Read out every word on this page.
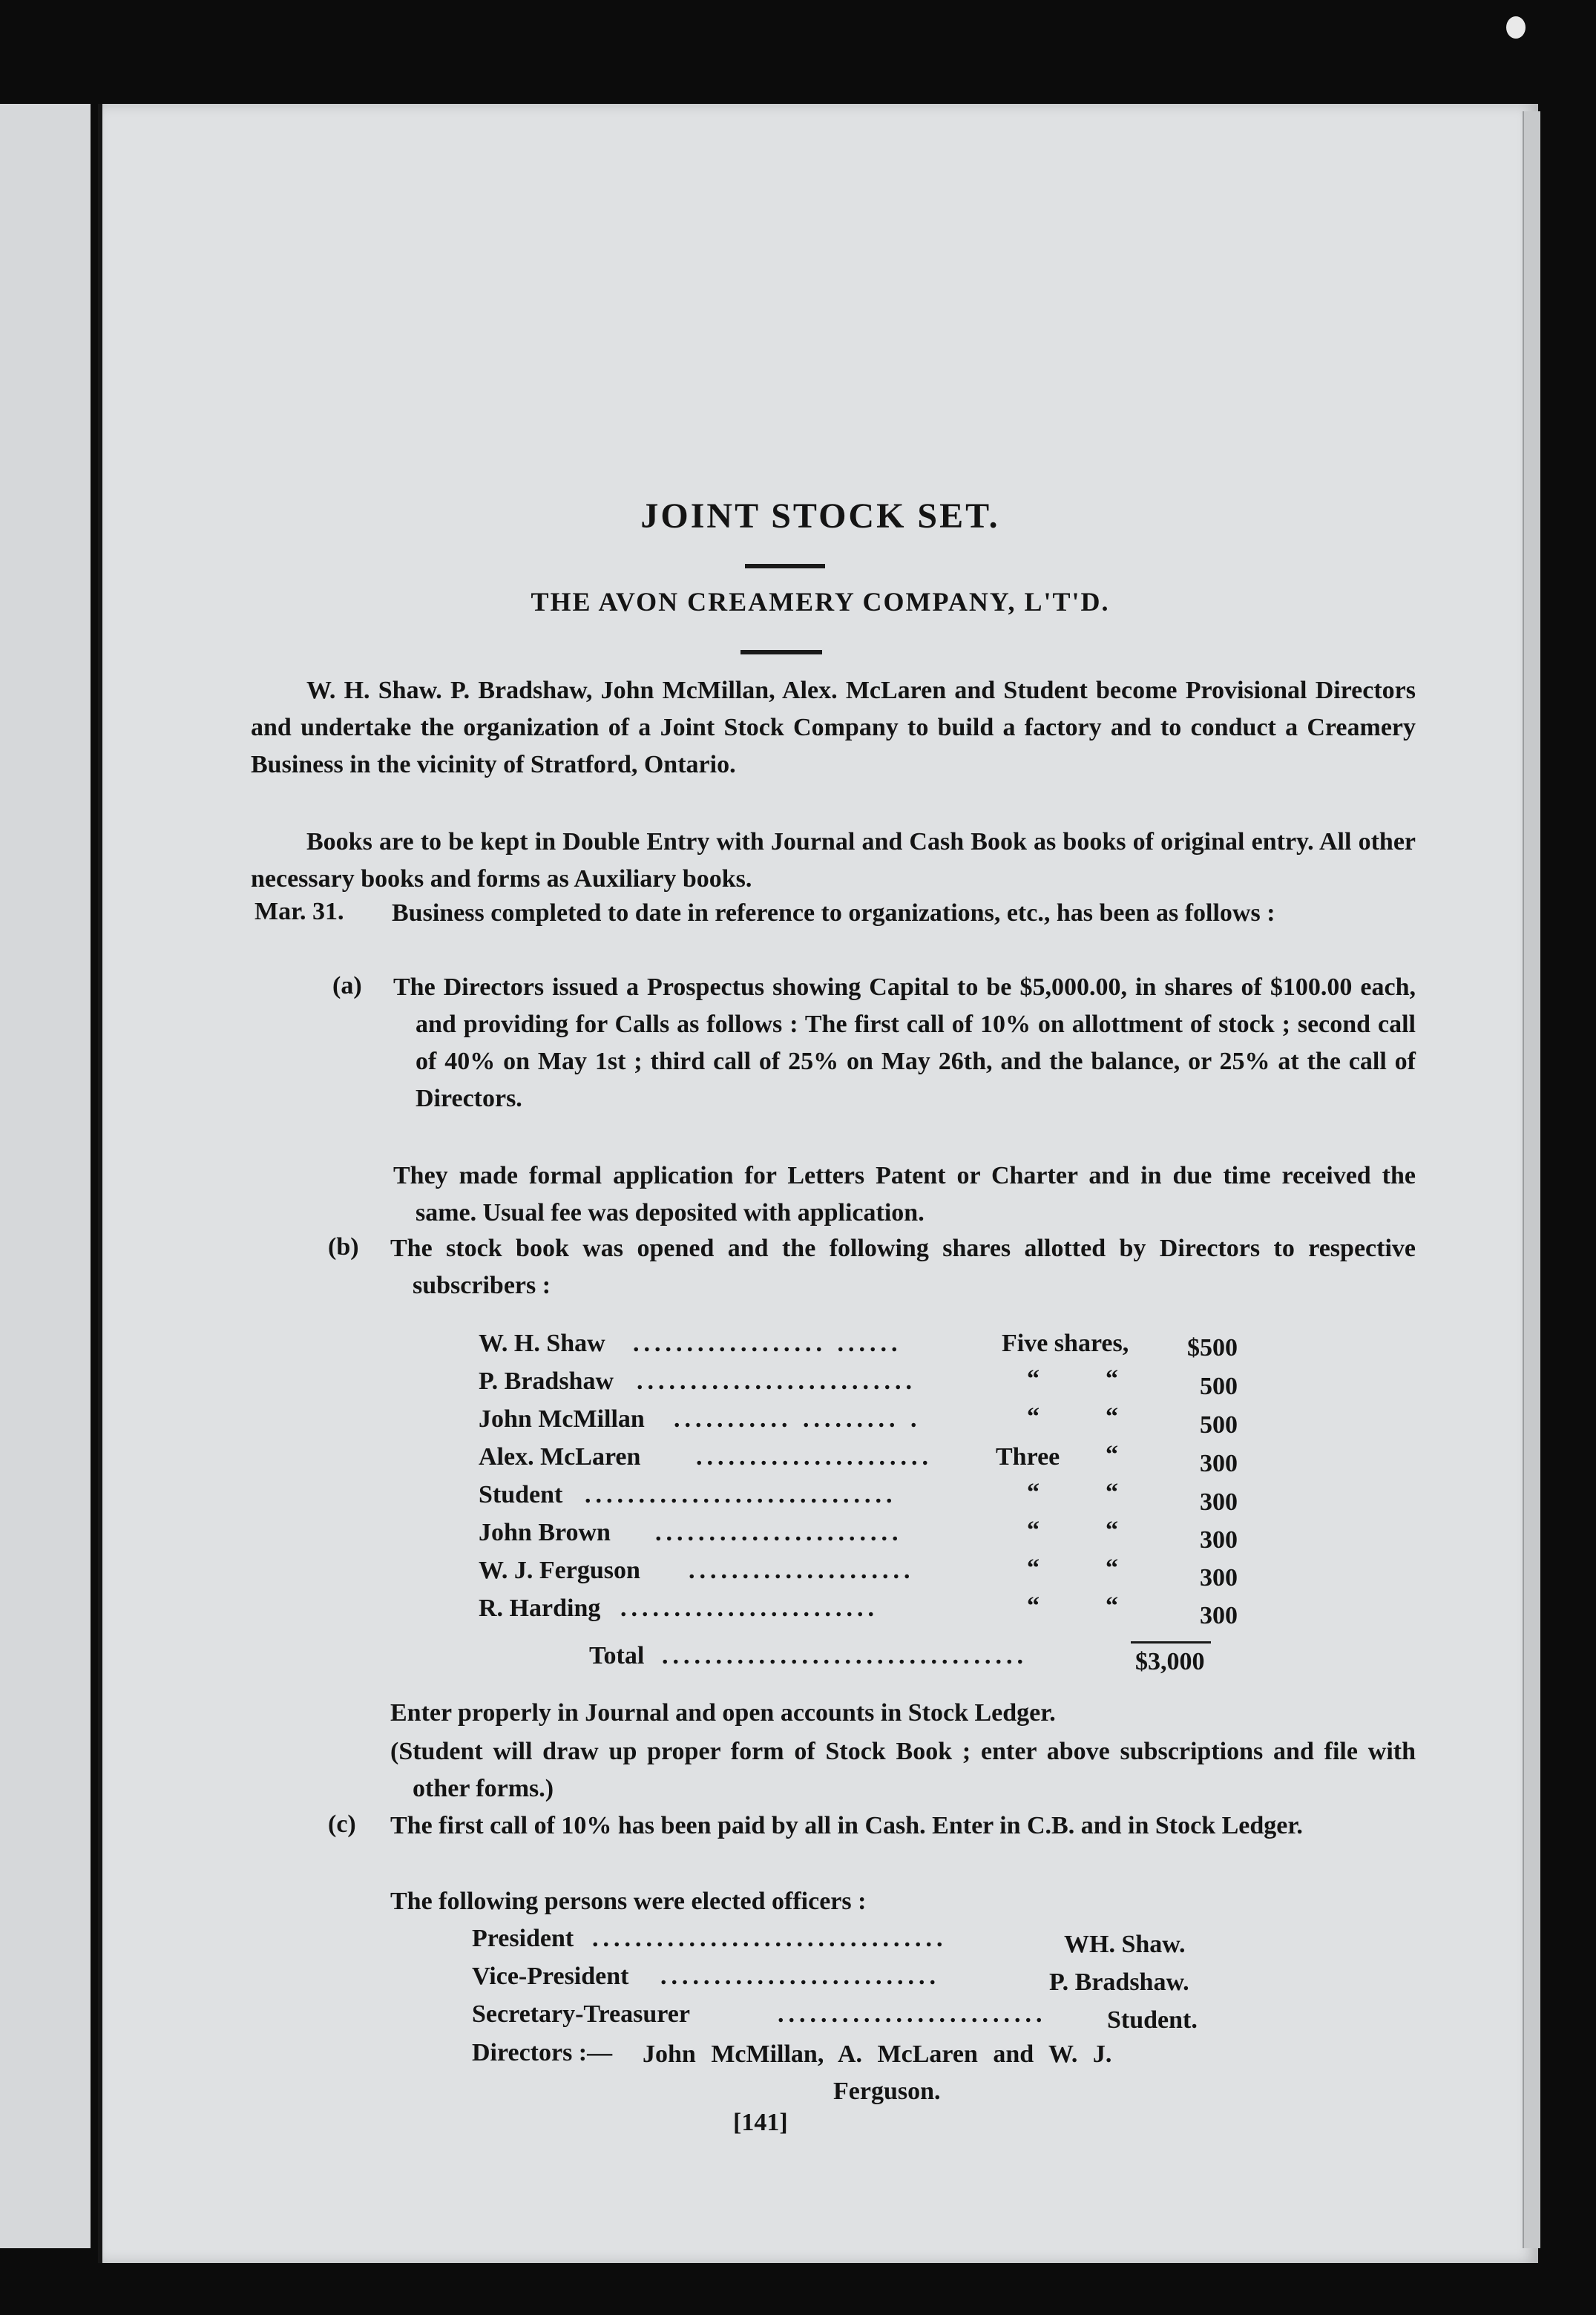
JOINT STOCK SET.
THE AVON CREAMERY COMPANY, L'T'D.
W. H. Shaw. P. Bradshaw, John McMillan, Alex. McLaren and Student become Provisional Directors and undertake the organization of a Joint Stock Company to build a factory and to conduct a Creamery Business in the vicinity of Stratford, Ontario.
Books are to be kept in Double Entry with Journal and Cash Book as books of original entry. All other necessary books and forms as Auxiliary books.
Mar. 31. Business completed to date in reference to organizations, etc., has been as follows :
(a) The Directors issued a Prospectus showing Capital to be $5,000.00, in shares of $100.00 each, and providing for Calls as follows : The first call of 10% on allottment of stock ; second call of 40% on May 1st ; third call of 25% on May 26th, and the balance, or 25% at the call of Directors.
They made formal application for Letters Patent or Charter and in due time received the same. Usual fee was deposited with application.
(b) The stock book was opened and the following shares allotted by Directors to respective subscribers :
W. H. Shaw .................. ......	Five shares,	$500
P. Bradshaw ..........................	“	“	500
John McMillan ........... ......... .	“	“	500
Alex. McLaren ......................	Three “	300
Student .............................	“	“	300
John Brown .......................	“	“	300
W. J. Ferguson .....................	“	“	300
R. Harding ........................	“	“	300
Total ..................................	$3,000
Enter properly in Journal and open accounts in Stock Ledger.
(Student will draw up proper form of Stock Book ; enter above subscriptions and file with other forms.)
(c) The first call of 10% has been paid by all in Cash. Enter in C.B. and in Stock Ledger.
The following persons were elected officers :
President .................................	WH. Shaw.
Vice-President ..........................	P. Bradshaw.
Secretary-Treasurer	......................... Student.
Directors :— John McMillan, A. McLaren and W. J.
Ferguson.
[141]
